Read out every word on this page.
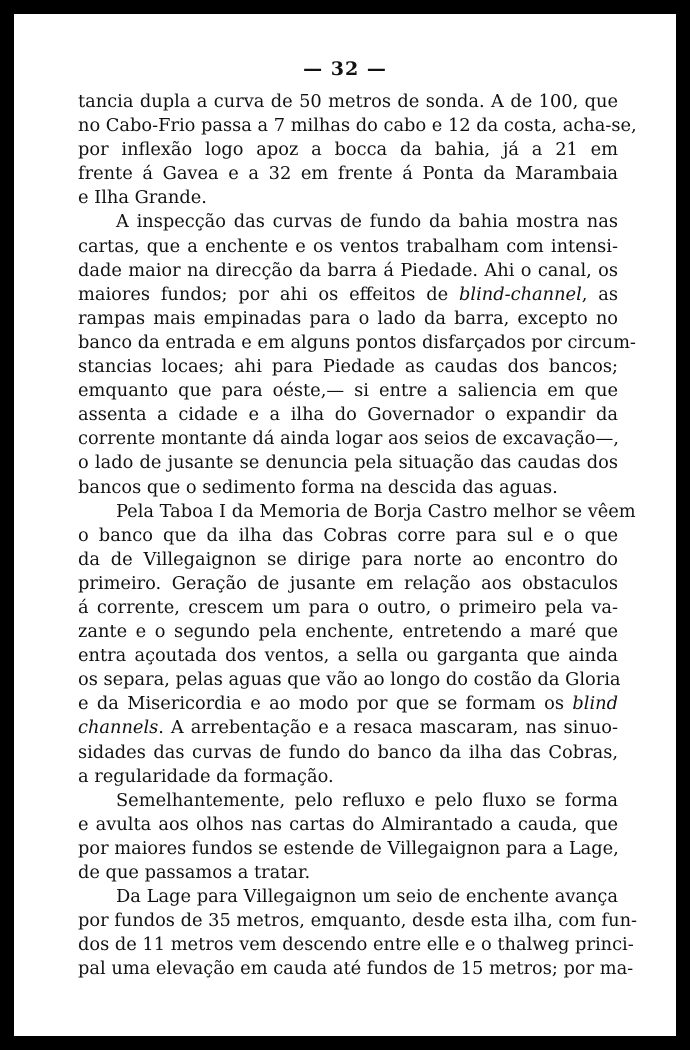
— 32 —
tancia dupla a curva de 50 metros de sonda. A de 100, que
no Cabo-Frio passa a 7 milhas do cabo e 12 da costa, acha-se,
por inflexão logo apoz a bocca da bahia, já a 21 em
frente á Gavea e a 32 em frente á Ponta da Marambaia
e Ilha Grande.
A inspecção das curvas de fundo da bahia mostra nas
cartas, que a enchente e os ventos trabalham com intensi-
dade maior na direcção da barra á Piedade. Ahi o canal, os
maiores fundos; por ahi os effeitos de blind-channel, as
rampas mais empinadas para o lado da barra, excepto no
banco da entrada e em alguns pontos disfarçados por circum-
stancias locaes; ahi para Piedade as caudas dos bancos;
emquanto que para oéste,— si entre a saliencia em que
assenta a cidade e a ilha do Governador o expandir da
corrente montante dá ainda logar aos seios de excavação—,
o lado de jusante se denuncia pela situação das caudas dos
bancos que o sedimento forma na descida das aguas.
Pela Taboa I da Memoria de Borja Castro melhor se vêem
o banco que da ilha das Cobras corre para sul e o que
da de Villegaignon se dirige para norte ao encontro do
primeiro. Geração de jusante em relação aos obstaculos
á corrente, crescem um para o outro, o primeiro pela va-
zante e o segundo pela enchente, entretendo a maré que
entra açoutada dos ventos, a sella ou garganta que ainda
os separa, pelas aguas que vão ao longo do costão da Gloria
e da Misericordia e ao modo por que se formam os blind
channels. A arrebentação e a resaca mascaram, nas sinuo-
sidades das curvas de fundo do banco da ilha das Cobras,
a regularidade da formação.
Semelhantemente, pelo refluxo e pelo fluxo se forma
e avulta aos olhos nas cartas do Almirantado a cauda, que
por maiores fundos se estende de Villegaignon para a Lage,
de que passamos a tratar.
Da Lage para Villegaignon um seio de enchente avança
por fundos de 35 metros, emquanto, desde esta ilha, com fun-
dos de 11 metros vem descendo entre elle e o thalweg princi-
pal uma elevação em cauda até fundos de 15 metros; por ma-
